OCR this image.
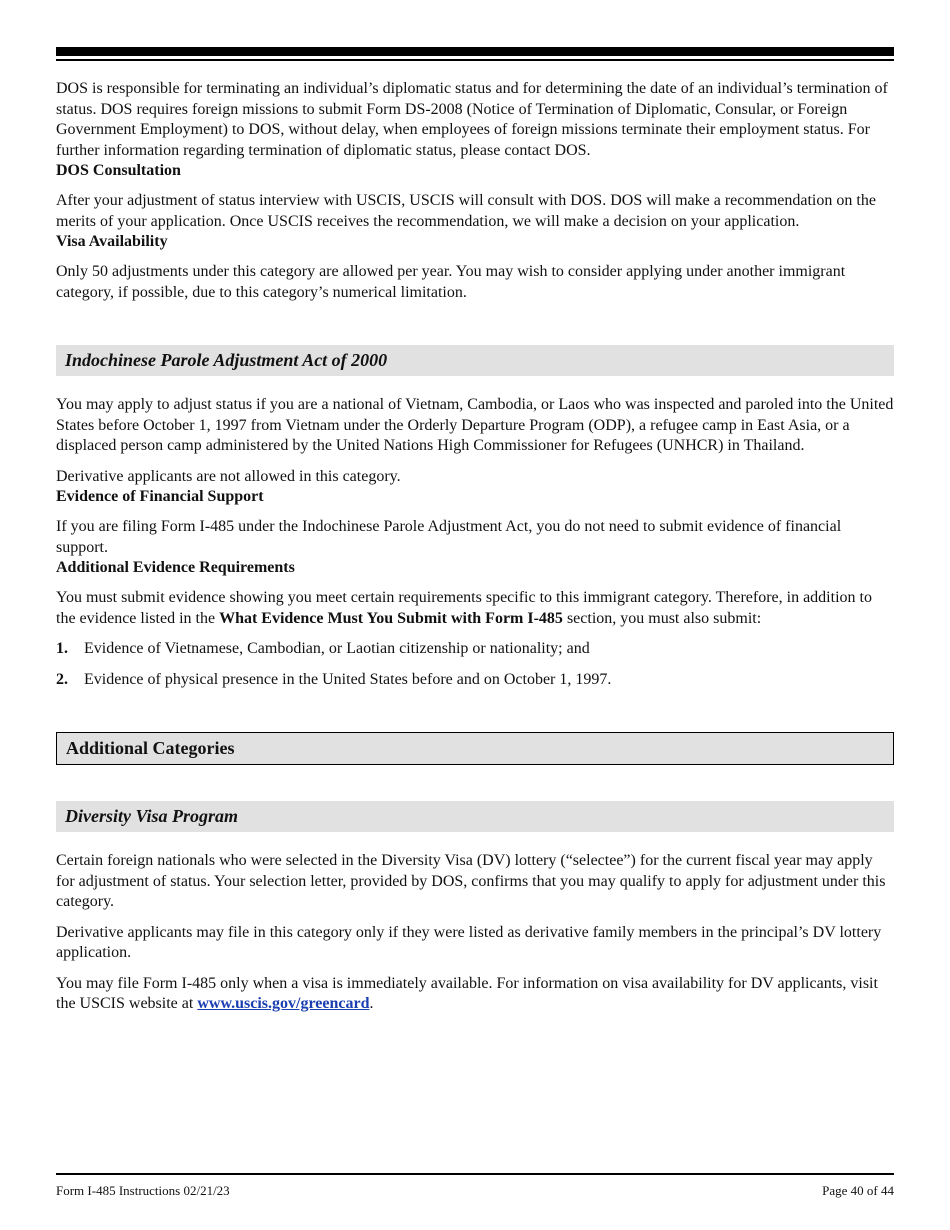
DOS is responsible for terminating an individual’s diplomatic status and for determining the date of an individual’s termination of status. DOS requires foreign missions to submit Form DS-2008 (Notice of Termination of Diplomatic, Consular, or Foreign Government Employment) to DOS, without delay, when employees of foreign missions terminate their employment status. For further information regarding termination of diplomatic status, please contact DOS.

DOS Consultation

After your adjustment of status interview with USCIS, USCIS will consult with DOS. DOS will make a recommendation on the merits of your application. Once USCIS receives the recommendation, we will make a decision on your application.

Visa Availability

Only 50 adjustments under this category are allowed per year. You may wish to consider applying under another immigrant category, if possible, due to this category’s numerical limitation.

Indochinese Parole Adjustment Act of 2000

You may apply to adjust status if you are a national of Vietnam, Cambodia, or Laos who was inspected and paroled into the United States before October 1, 1997 from Vietnam under the Orderly Departure Program (ODP), a refugee camp in East Asia, or a displaced person camp administered by the United Nations High Commissioner for Refugees (UNHCR) in Thailand.

Derivative applicants are not allowed in this category.

Evidence of Financial Support

If you are filing Form I-485 under the Indochinese Parole Adjustment Act, you do not need to submit evidence of financial support.

Additional Evidence Requirements

You must submit evidence showing you meet certain requirements specific to this immigrant category. Therefore, in addition to the evidence listed in the What Evidence Must You Submit with Form I-485 section, you must also submit:

1.	Evidence of Vietnamese, Cambodian, or Laotian citizenship or nationality; and
2.	Evidence of physical presence in the United States before and on October 1, 1997.
Additional Categories
Diversity Visa Program

Certain foreign nationals who were selected in the Diversity Visa (DV) lottery (“selectee”) for the current fiscal year may apply for adjustment of status. Your selection letter, provided by DOS, confirms that you may qualify to apply for adjustment under this category.

Derivative applicants may file in this category only if they were listed as derivative family members in the principal’s DV lottery application.

You may file Form I-485 only when a visa is immediately available. For information on visa availability for DV applicants, visit the USCIS website at www.uscis.gov/greencard.

Form I-485 Instructions 02/21/23	Page 40 of 44
